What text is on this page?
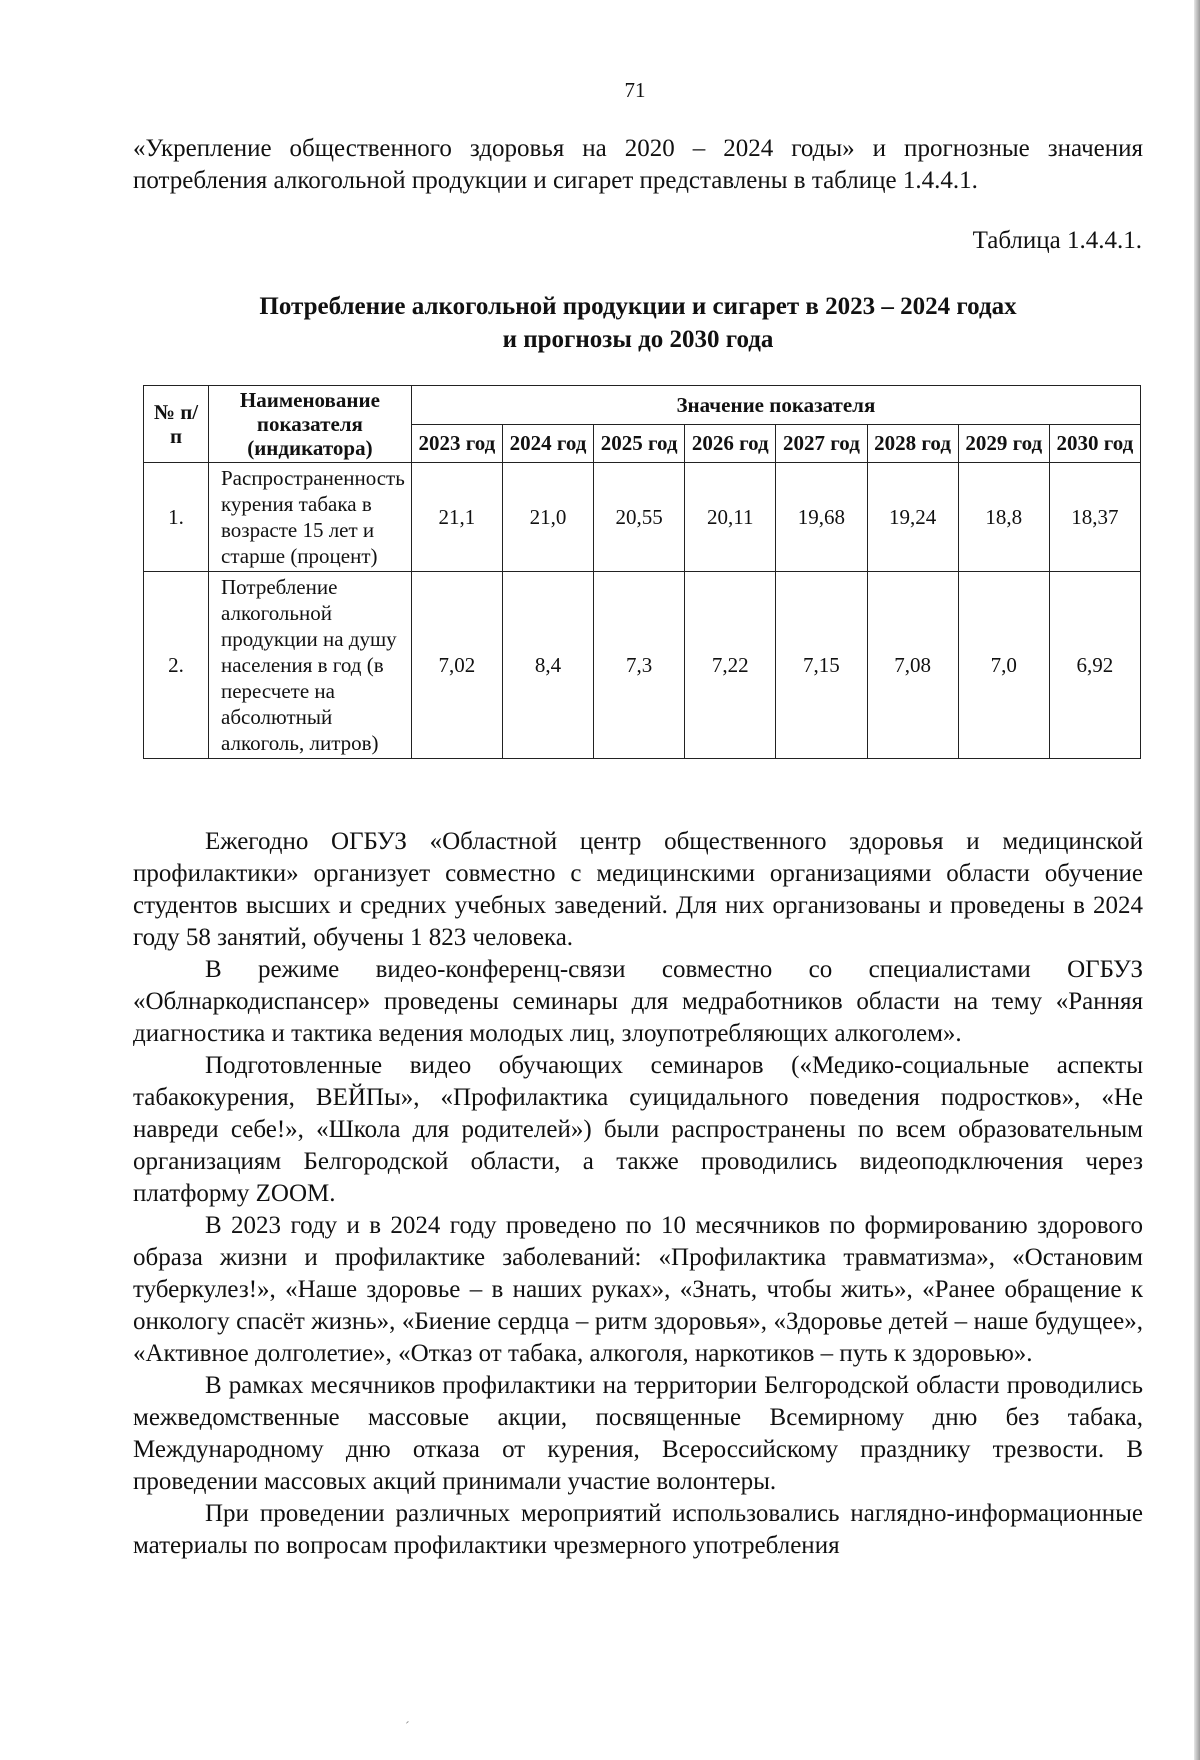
71
«Укрепление общественного здоровья на 2020 – 2024 годы» и прогнозные значения потребления алкогольной продукции и сигарет представлены в таблице 1.4.4.1.
Таблица 1.4.4.1.
Потребление алкогольной продукции и сигарет в 2023 – 2024 годах
и прогнозы до 2030 года
№ п/п	Наименование показателя (индикатора)	Значение показателя							
		2023 год	2024 год	2025 год	2026 год	2027 год	2028 год	2029 год	2030 год
1.	Распространенность курения табака в возрасте 15 лет и старше (процент)	21,1	21,0	20,55	20,11	19,68	19,24	18,8	18,37
2.	Потребление алкогольной продукции на душу населения в год (в пересчете на абсолютный алкоголь, литров)	7,02	8,4	7,3	7,22	7,15	7,08	7,0	6,92

Ежегодно ОГБУЗ «Областной центр общественного здоровья и медицинской профилактики» организует совместно с медицинскими организациями области обучение студентов высших и средних учебных заведений. Для них организованы и проведены в 2024 году 58 занятий, обучены 1 823 человека.

В режиме видео-конференц-связи совместно со специалистами ОГБУЗ «Облнаркодиспансер» проведены семинары для медработников области на тему «Ранняя диагностика и тактика ведения молодых лиц, злоупотребляющих алкоголем».

Подготовленные видео обучающих семинаров («Медико-социальные аспекты табакокурения, ВЕЙПы», «Профилактика суицидального поведения подростков», «Не навреди себе!», «Школа для родителей») были распространены по всем образовательным организациям Белгородской области, а также проводились видеоподключения через платформу ZOOM.

В 2023 году и в 2024 году проведено по 10 месячников по формированию здорового образа жизни и профилактике заболеваний: «Профилактика травматизма», «Остановим туберкулез!», «Наше здоровье – в наших руках», «Знать, чтобы жить», «Ранее обращение к онкологу спасёт жизнь», «Биение сердца – ритм здоровья», «Здоровье детей – наше будущее», «Активное долголетие», «Отказ от табака, алкоголя, наркотиков – путь к здоровью».

В рамках месячников профилактики на территории Белгородской области проводились межведомственные массовые акции, посвященные Всемирному дню без табака, Международному дню отказа от курения, Всероссийскому празднику трезвости. В проведении массовых акций принимали участие волонтеры.

При проведении различных мероприятий использовались наглядно-информационные материалы по вопросам профилактики чрезмерного употребления

ˊ
